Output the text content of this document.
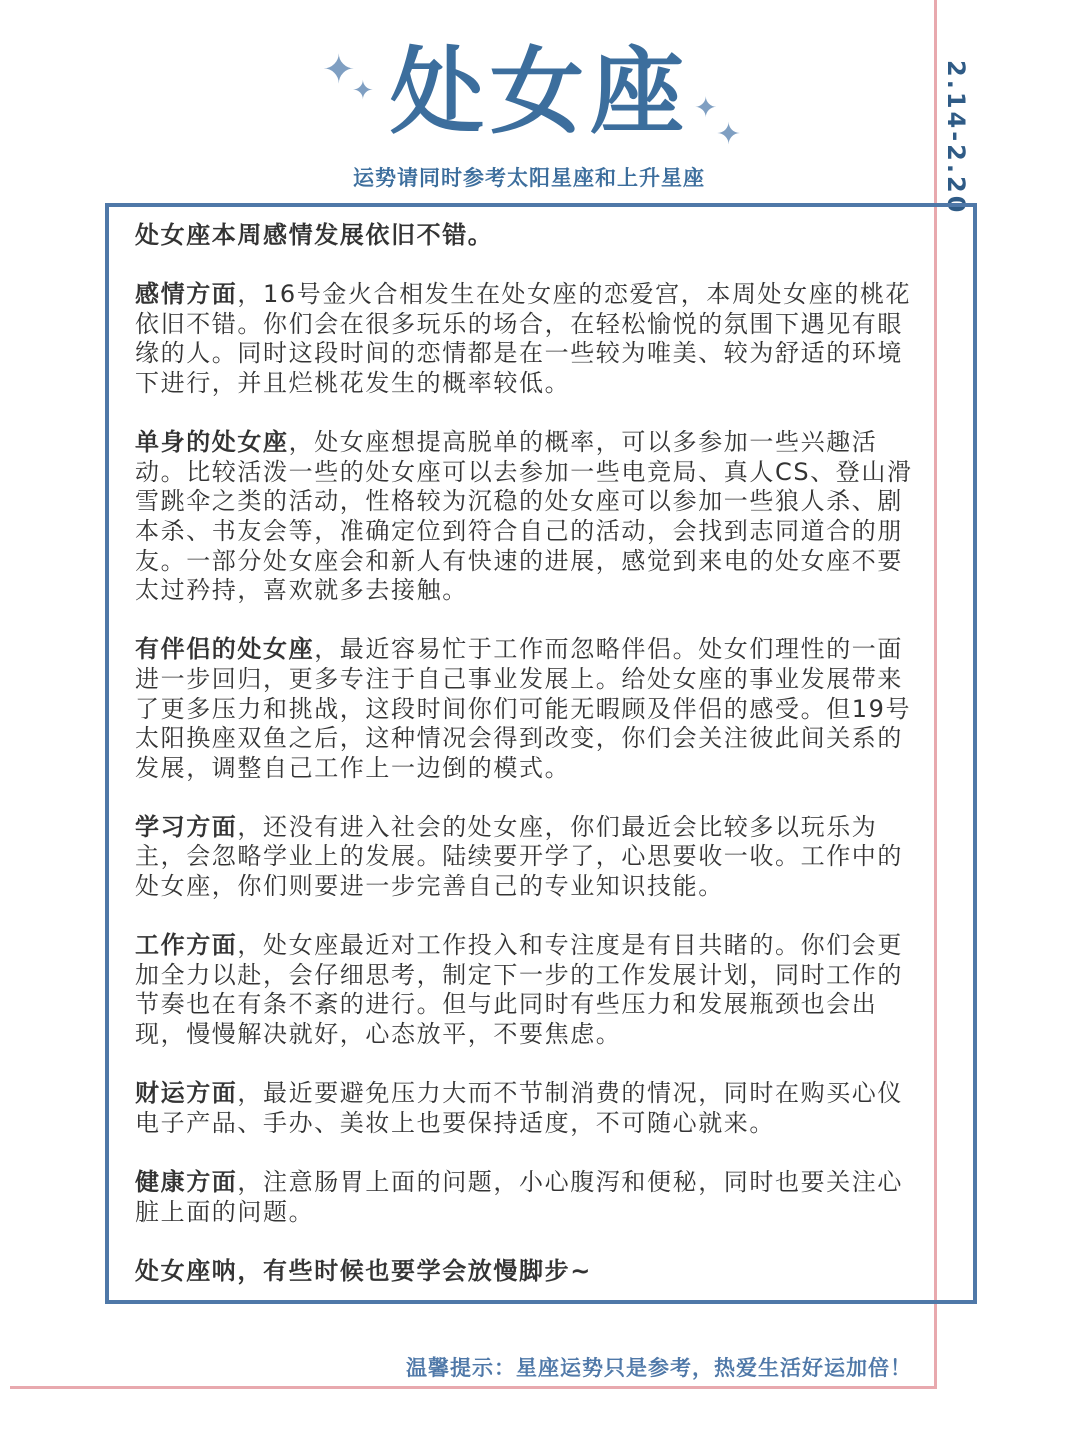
✦
✦	✦
✦
处女座
运势请同时参考太阳星座和上升星座	2.14-2.20

处女座本周感情发展依旧不错。

感情方面，16号金火合相发生在处女座的恋爱宫，本周处女座的桃花依旧不错。你们会在很多玩乐的场合，在轻松愉悦的氛围下遇见有眼缘的人。同时这段时间的恋情都是在一些较为唯美、较为舒适的环境下进行，并且烂桃花发生的概率较低。

单身的处女座，处女座想提高脱单的概率，可以多参加一些兴趣活动。比较活泼一些的处女座可以去参加一些电竞局、真人CS、登山滑雪跳伞之类的活动，性格较为沉稳的处女座可以参加一些狼人杀、剧本杀、书友会等，准确定位到符合自己的活动，会找到志同道合的朋友。一部分处女座会和新人有快速的进展，感觉到来电的处女座不要太过矜持，喜欢就多去接触。

有伴侣的处女座，最近容易忙于工作而忽略伴侣。处女们理性的一面进一步回归，更多专注于自己事业发展上。给处女座的事业发展带来了更多压力和挑战，这段时间你们可能无暇顾及伴侣的感受。但19号太阳换座双鱼之后，这种情况会得到改变，你们会关注彼此间关系的发展，调整自己工作上一边倒的模式。

学习方面，还没有进入社会的处女座，你们最近会比较多以玩乐为主，会忽略学业上的发展。陆续要开学了，心思要收一收。工作中的处女座，你们则要进一步完善自己的专业知识技能。

工作方面，处女座最近对工作投入和专注度是有目共睹的。你们会更加全力以赴，会仔细思考，制定下一步的工作发展计划，同时工作的节奏也在有条不紊的进行。但与此同时有些压力和发展瓶颈也会出现，慢慢解决就好，心态放平，不要焦虑。

财运方面，最近要避免压力大而不节制消费的情况，同时在购买心仪电子产品、手办、美妆上也要保持适度，不可随心就来。

健康方面，注意肠胃上面的问题，小心腹泻和便秘，同时也要关注心脏上面的问题。

处女座呐，有些时候也要学会放慢脚步~

温馨提示：星座运势只是参考，热爱生活好运加倍！
